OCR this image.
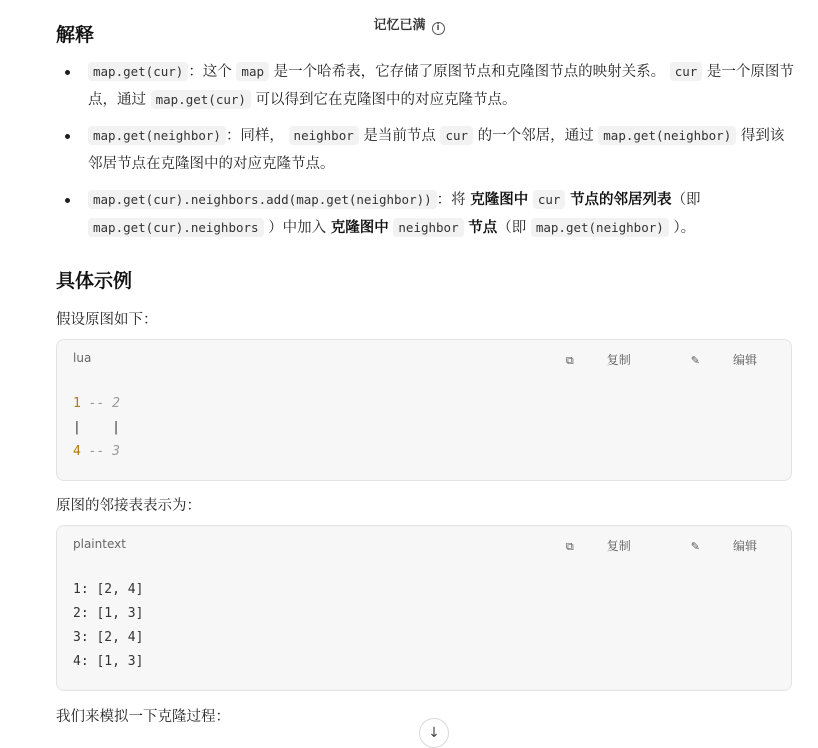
记忆已满 i
解释
map.get(cur) ：这个 map 是一个哈希表，它存储了原图节点和克隆图节点的映射关系。 cur 是一个原图节点，通过 map.get(cur) 可以得到它在克隆图中的对应克隆节点。
map.get(neighbor) ：同样， neighbor 是当前节点 cur 的一个邻居，通过 map.get(neighbor) 得到该邻居节点在克隆图中的对应克隆节点。
map.get(cur).neighbors.add(map.get(neighbor)) ：将 克隆图中 cur 节点的邻居列表（即 map.get(cur).neighbors ）中加入 克隆图中 neighbor 节点（即 map.get(neighbor) ）。
具体示例

假设原图如下：

lua	⧉	复制	✎	编辑
1 -- 2
|    |
4 -- 3

原图的邻接表表示为：

plaintext	⧉	复制	✎	编辑
1: [2, 4]
2: [1, 3]
3: [2, 4]
4: [1, 3]

我们来模拟一下克隆过程：

↓
